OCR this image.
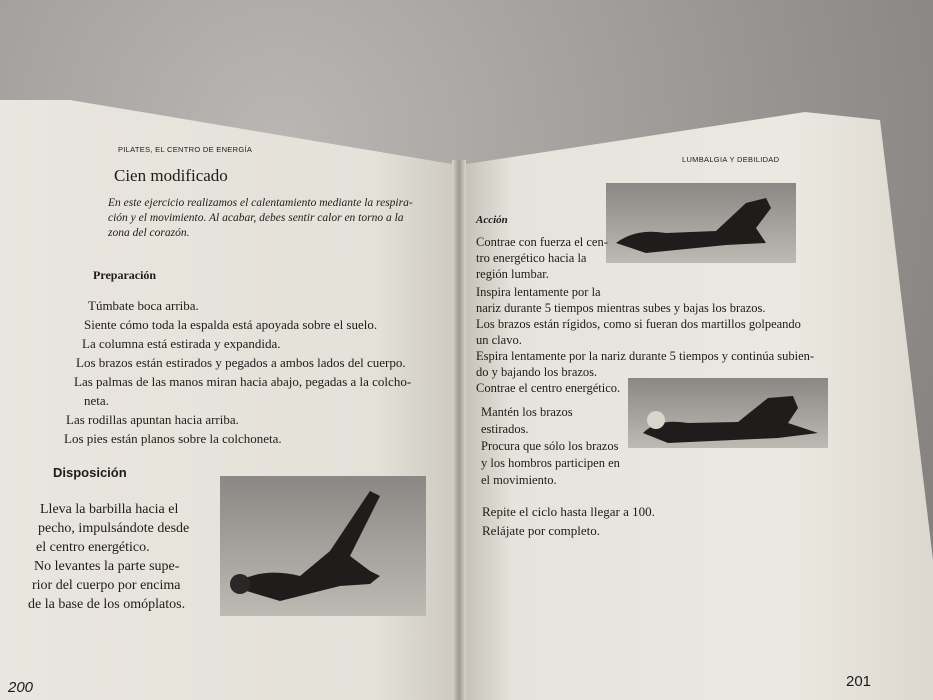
PILATES, EL CENTRO DE ENERGÍA
Cien modificado
En este ejercicio realizamos el calentamiento mediante la respira-
ción y el movimiento. Al acabar, debes sentir calor en torno a la
zona del corazón.
Preparación
Túmbate boca arriba.
Siente cómo toda la espalda está apoyada sobre el suelo.
La columna está estirada y expandida.
Los brazos están estirados y pegados a ambos lados del cuerpo.
Las palmas de las manos miran hacia abajo, pegadas a la colcho-
neta.
Las rodillas apuntan hacia arriba.
Los pies están planos sobre la colchoneta.
Disposición
Lleva la barbilla hacia el
pecho, impulsándote desde
el centro energético.
No levantes la parte supe-
rior del cuerpo por encima
de la base de los omóplatos.
200
LUMBALGIA Y DEBILIDAD
Acción
Contrae con fuerza el cen-
tro energético hacia la
región lumbar.
Inspira lentamente por la
nariz durante 5 tiempos mientras subes y bajas los brazos.
Los brazos están rígidos, como si fueran dos martillos golpeando
un clavo.
Espira lentamente por la nariz durante 5 tiempos y continúa subien-
do y bajando los brazos.
Contrae el centro energético.
Mantén los brazos
estirados.
Procura que sólo los brazos
y los hombros participen en
el movimiento.
Repite el ciclo hasta llegar a 100.
Relájate por completo.
201
